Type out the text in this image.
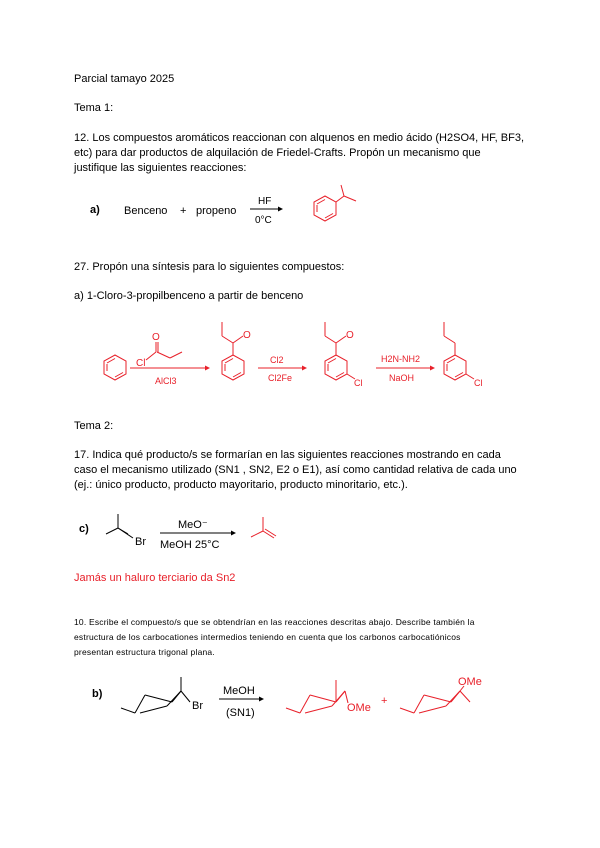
Parcial tamayo 2025
Tema 1:
12. Los compuestos aromáticos reaccionan con alquenos en medio ácido (H2SO4, HF, BF3,
etc) para dar productos de alquilación de Friedel-Crafts. Propón un mecanismo que
justifique las siguientes reacciones:
a) Benceno + propeno
HF
0°C
27. Propón una síntesis para lo siguientes compuestos:
a) 1-Cloro-3-propilbenceno a partir de benceno
O
Cl
AlCl3
O
Cl2
Cl2Fe
O
Cl
H2N-NH2
NaOH	Cl
Tema 2:
17. Indica qué producto/s se formarían en las siguientes reacciones mostrando en cada
caso el mecanismo utilizado (SN1 , SN2, E2 o E1), así como cantidad relativa de cada uno
(ej.: único producto, producto mayoritario, producto minoritario, etc.).
c)
Br
MeO⁻
MeOH 25°C
Jamás un haluro terciario da Sn2
10. Escribe el compuesto/s que se obtendrían en las reacciones descritas abajo. Describe también la
estructura de los carbocationes intermedios teniendo en cuenta que los carbonos carbocatiónicos
presentan estructura trigonal plana.
b)
Br
MeOH
(SN1)	OMe
+
OMe
